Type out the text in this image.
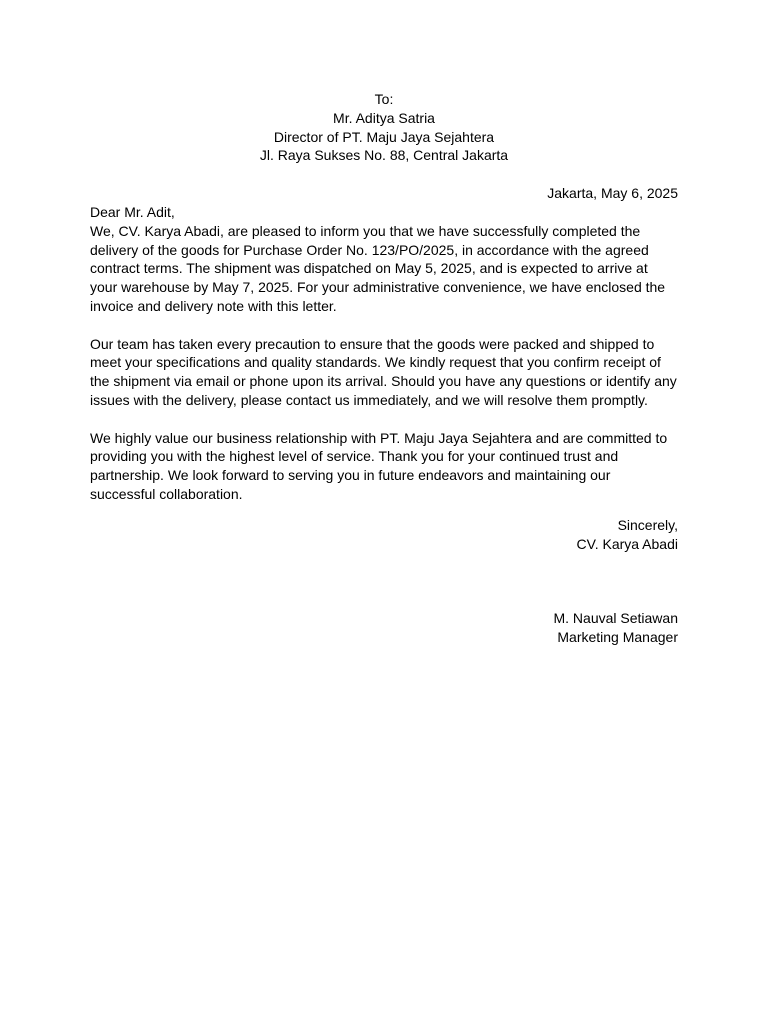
To:
Mr. Aditya Satria
Director of PT. Maju Jaya Sejahtera
Jl. Raya Sukses No. 88, Central Jakarta
Jakarta, May 6, 2025

Dear Mr. Adit,

We, CV. Karya Abadi, are pleased to inform you that we have successfully completed the delivery of the goods for Purchase Order No. 123/PO/2025, in accordance with the agreed contract terms. The shipment was dispatched on May 5, 2025, and is expected to arrive at your warehouse by May 7, 2025. For your administrative convenience, we have enclosed the invoice and delivery note with this letter.

Our team has taken every precaution to ensure that the goods were packed and shipped to meet your specifications and quality standards. We kindly request that you confirm receipt of the shipment via email or phone upon its arrival. Should you have any questions or identify any issues with the delivery, please contact us immediately, and we will resolve them promptly.

We highly value our business relationship with PT. Maju Jaya Sejahtera and are committed to providing you with the highest level of service. Thank you for your continued trust and partnership. We look forward to serving you in future endeavors and maintaining our successful collaboration.

Sincerely,
CV. Karya Abadi
M. Nauval Setiawan
Marketing Manager
